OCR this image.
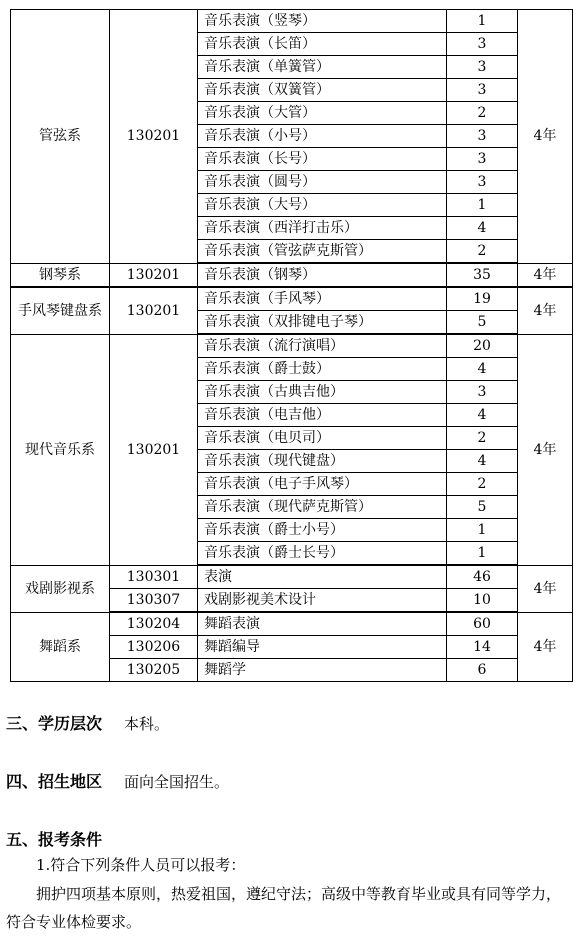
管弦系	130201	音乐表演（竖琴）	1	4年
		音乐表演（长笛）	3	
		音乐表演（单簧管）	3	
		音乐表演（双簧管）	3	
		音乐表演（大管）	2	
		音乐表演（小号）	3	
		音乐表演（长号）	3	
		音乐表演（圆号）	3	
		音乐表演（大号）	1	
		音乐表演（西洋打击乐）	4	
		音乐表演（管弦萨克斯管）	2	
钢琴系	130201	音乐表演（钢琴）	35	4年
手风琴键盘系	130201	音乐表演（手风琴）	19	4年
		音乐表演（双排键电子琴）	5	
现代音乐系	130201	音乐表演（流行演唱）	20	4年
		音乐表演（爵士鼓）	4	
		音乐表演（古典吉他）	3	
		音乐表演（电吉他）	4	
		音乐表演（电贝司）	2	
		音乐表演（现代键盘）	4	
		音乐表演（电子手风琴）	2	
		音乐表演（现代萨克斯管）	5	
		音乐表演（爵士小号）	1	
		音乐表演（爵士长号）	1	
戏剧影视系	130301	表演	46	4年
	130307	戏剧影视美术设计	10	
舞蹈系	130204	舞蹈表演	60	4年
	130206	舞蹈编导	14	
	130205	舞蹈学	6	
三、学历层次 本科。
四、招生地区 面向全国招生。
五、报考条件
1.符合下列条件人员可以报考：
拥护四项基本原则，热爱祖国，遵纪守法；高级中等教育毕业或具有同等学力，
符合专业体检要求。
